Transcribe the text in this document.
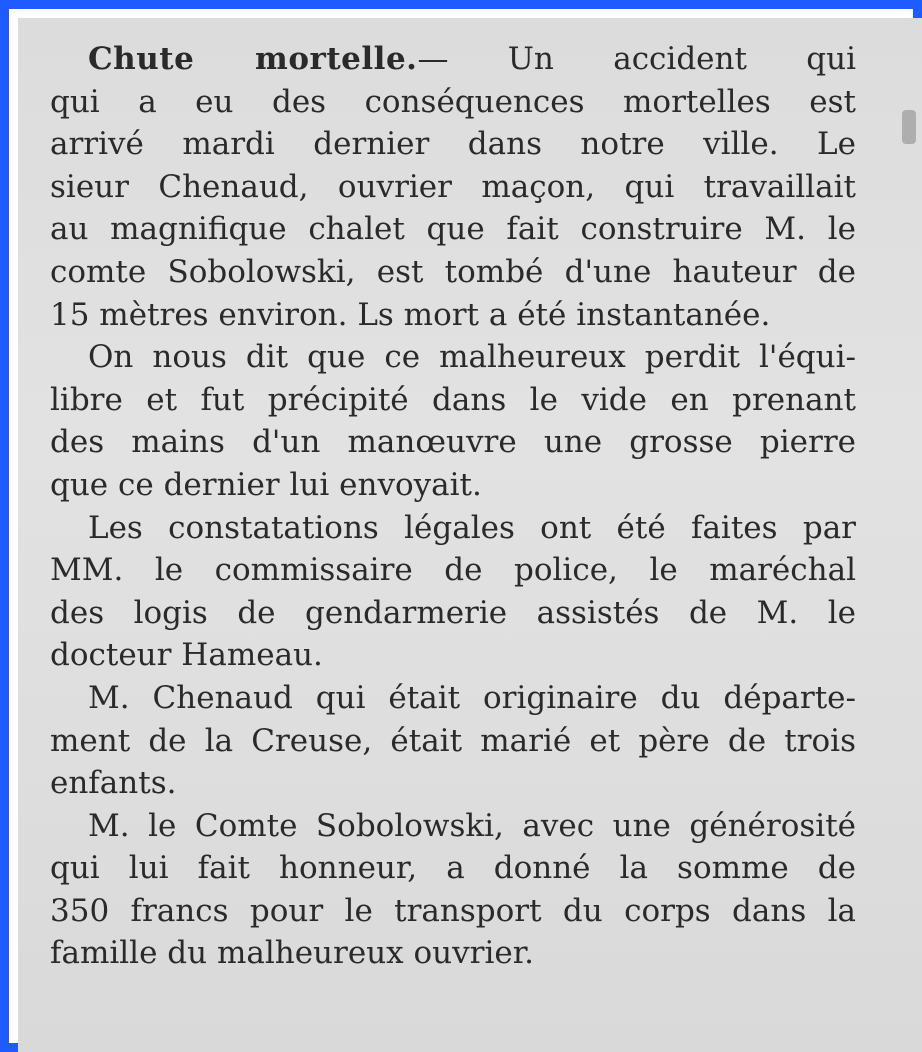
Chute mortelle.— Un accident qui
qui a eu des conséquences mortelles est
arrivé mardi dernier dans notre ville. Le
sieur Chenaud, ouvrier maçon, qui travaillait
au magnifique chalet que fait construire M. le
comte Sobolowski, est tombé d'une hauteur de
15 mètres environ. Ls mort a été instantanée.
On nous dit que ce malheureux perdit l'équi-
libre et fut précipité dans le vide en prenant
des mains d'un manœuvre une grosse pierre
que ce dernier lui envoyait.
Les constatations légales ont été faites par
MM. le commissaire de police, le maréchal
des logis de gendarmerie assistés de M. le
docteur Hameau.
M. Chenaud qui était originaire du départe-
ment de la Creuse, était marié et père de trois
enfants.
M. le Comte Sobolowski, avec une générosité
qui lui fait honneur, a donné la somme de
350 francs pour le transport du corps dans la
famille du malheureux ouvrier.
